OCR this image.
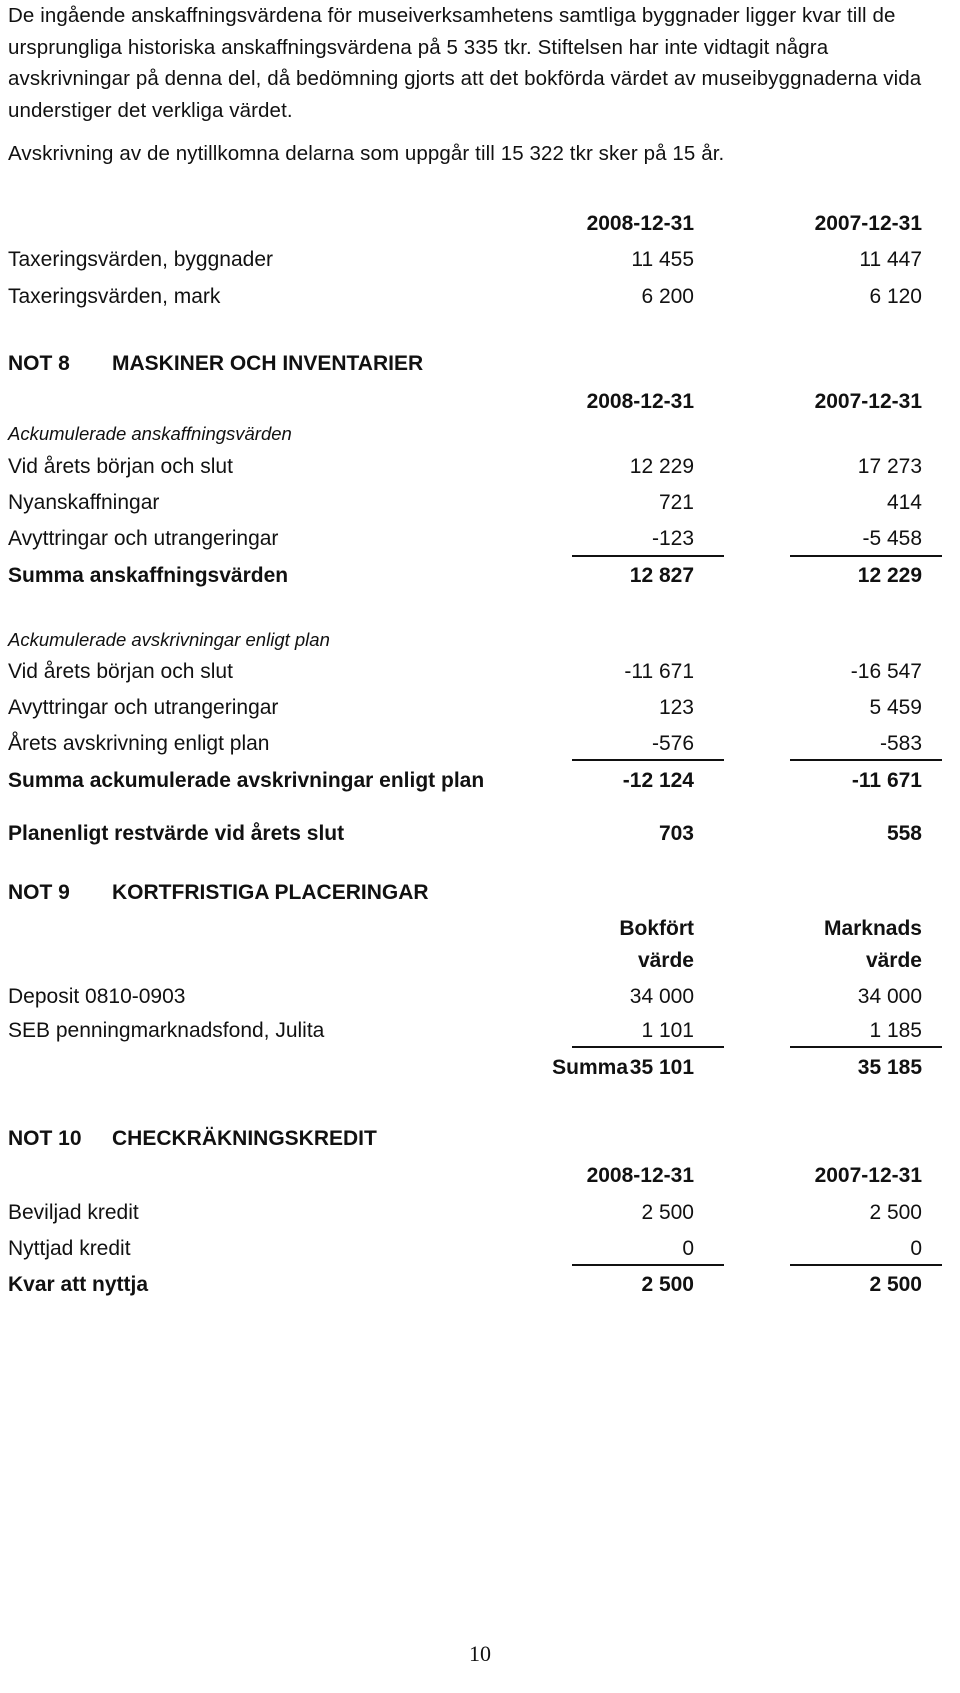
De ingående anskaffningsvärdena för museiverksamhetens samtliga byggnader ligger kvar till de ursprungliga historiska anskaffningsvärdena på 5 335 tkr. Stiftelsen har inte vidtagit några avskrivningar på denna del, då bedömning gjorts att det bokförda värdet av museibyggnaderna vida understiger det verkliga värdet.

Avskrivning av de nytillkomna delarna som uppgår till 15 322 tkr sker på 15 år.

2008-12-31	2007-12-31
Taxeringsvärden, byggnader	11 455	11 447
Taxeringsvärden, mark	6 200	6 120
NOT 8 MASKINER OCH INVENTARIER
2008-12-31	2007-12-31
Ackumulerade anskaffningsvärden
Vid årets början och slut	12 229	17 273
Nyanskaffningar	721	414
Avyttringar och utrangeringar	-123	-5 458
Summa anskaffningsvärden	12 827	12 229
Ackumulerade avskrivningar enligt plan
Vid årets början och slut	-11 671	-16 547
Avyttringar och utrangeringar	123	5 459
Årets avskrivning enligt plan	-576	-583
Summa ackumulerade avskrivningar enligt plan	-12 124	-11 671
Planenligt restvärde vid årets slut	703	558
NOT 9 KORTFRISTIGA PLACERINGAR
Bokfört	Marknads
värde	värde
Deposit 0810-0903	34 000	34 000
SEB penningmarknadsfond, Julita	1 101	1 185
Summa 35 101	35 185
NOT 10 CHECKRÄKNINGSKREDIT
2008-12-31	2007-12-31
Beviljad kredit	2 500	2 500
Nyttjad kredit	0	0
Kvar att nyttja	2 500	2 500
10
